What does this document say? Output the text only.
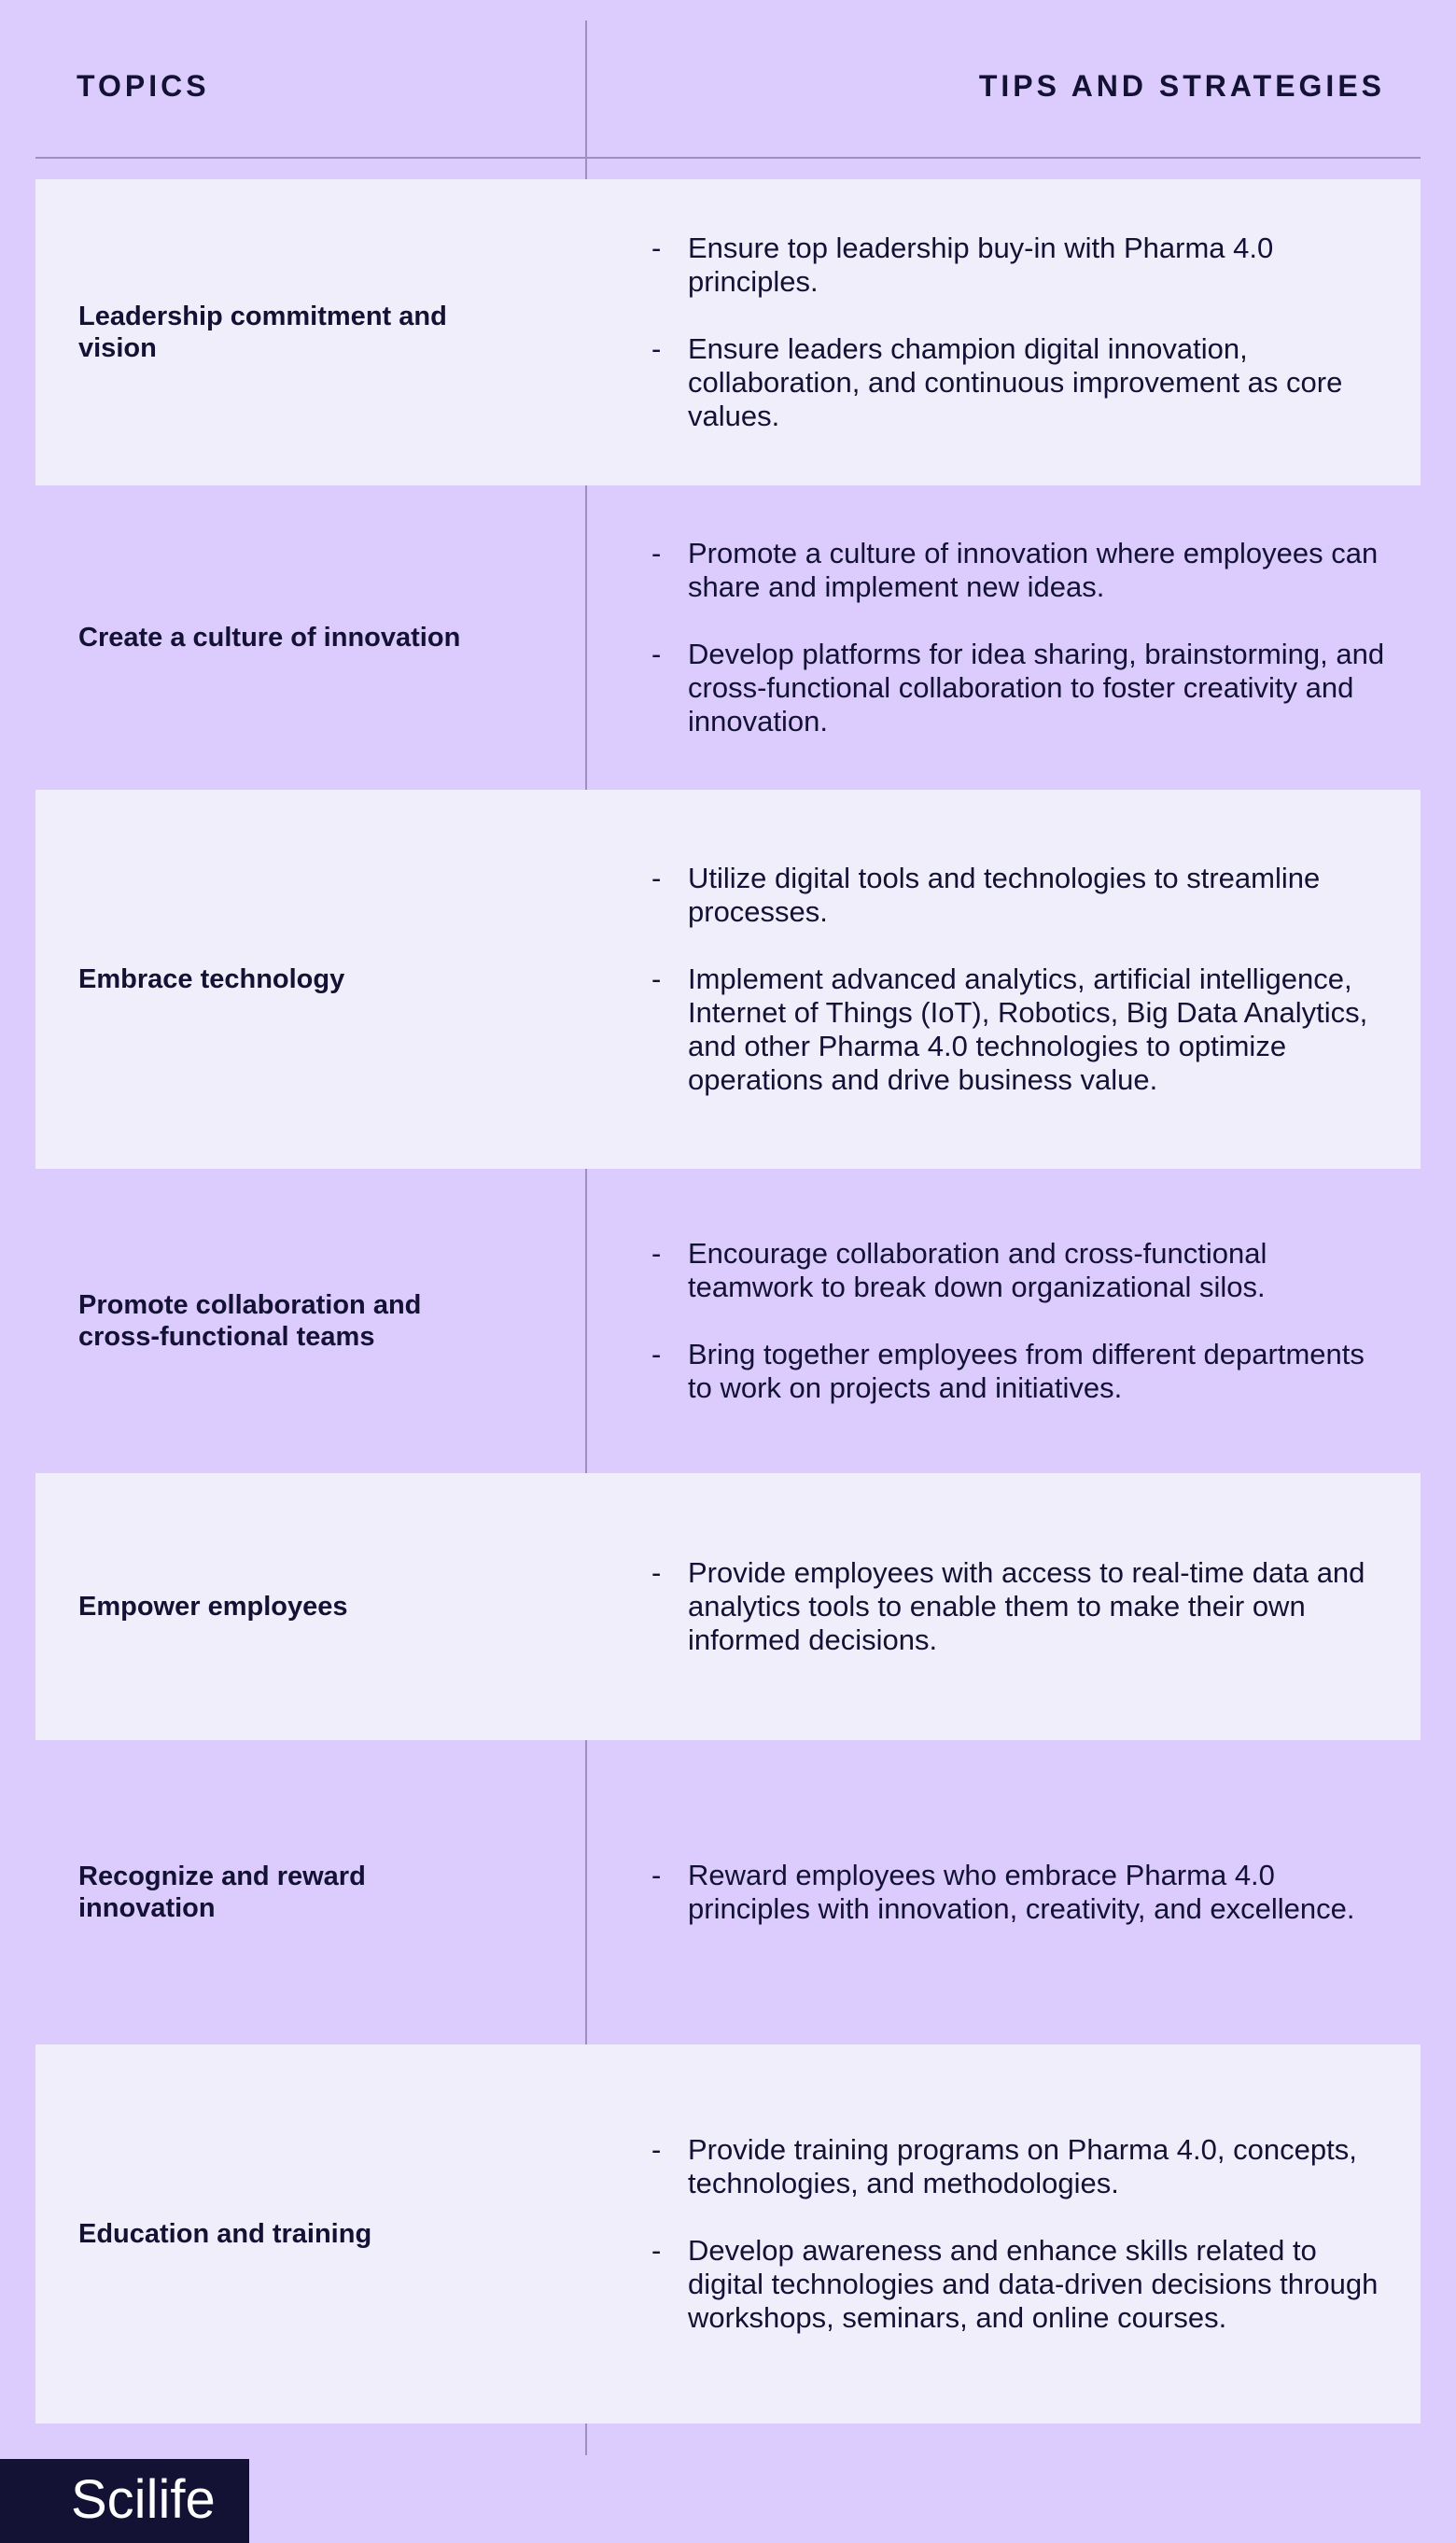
TOPICS	TIPS AND STRATEGIES
Leadership commitment and vision
- Ensure top leadership buy-in with Pharma 4.0 principles.
- Ensure leaders champion digital innovation, collaboration, and continuous improvement as core values.
Create a culture of innovation
- Promote a culture of innovation where employees can share and implement new ideas.
- Develop platforms for idea sharing, brainstorming, and cross-functional collaboration to foster creativity and innovation.
Embrace technology
- Utilize digital tools and technologies to streamline processes.
- Implement advanced analytics, artificial intelligence, Internet of Things (IoT), Robotics, Big Data Analytics, and other Pharma 4.0 technologies to optimize operations and drive business value.
Promote collaboration and cross-functional teams
- Encourage collaboration and cross-functional teamwork to break down organizational silos.
- Bring together employees from different departments to work on projects and initiatives.
Empower employees
- Provide employees with access to real-time data and analytics tools to enable them to make their own informed decisions.
Recognize and reward innovation
- Reward employees who embrace Pharma 4.0 principles with innovation, creativity, and excellence.
Education and training
- Provide training programs on Pharma 4.0, concepts, technologies, and methodologies.
- Develop awareness and enhance skills related to digital technologies and data-driven decisions through workshops, seminars, and online courses.
Scilife
